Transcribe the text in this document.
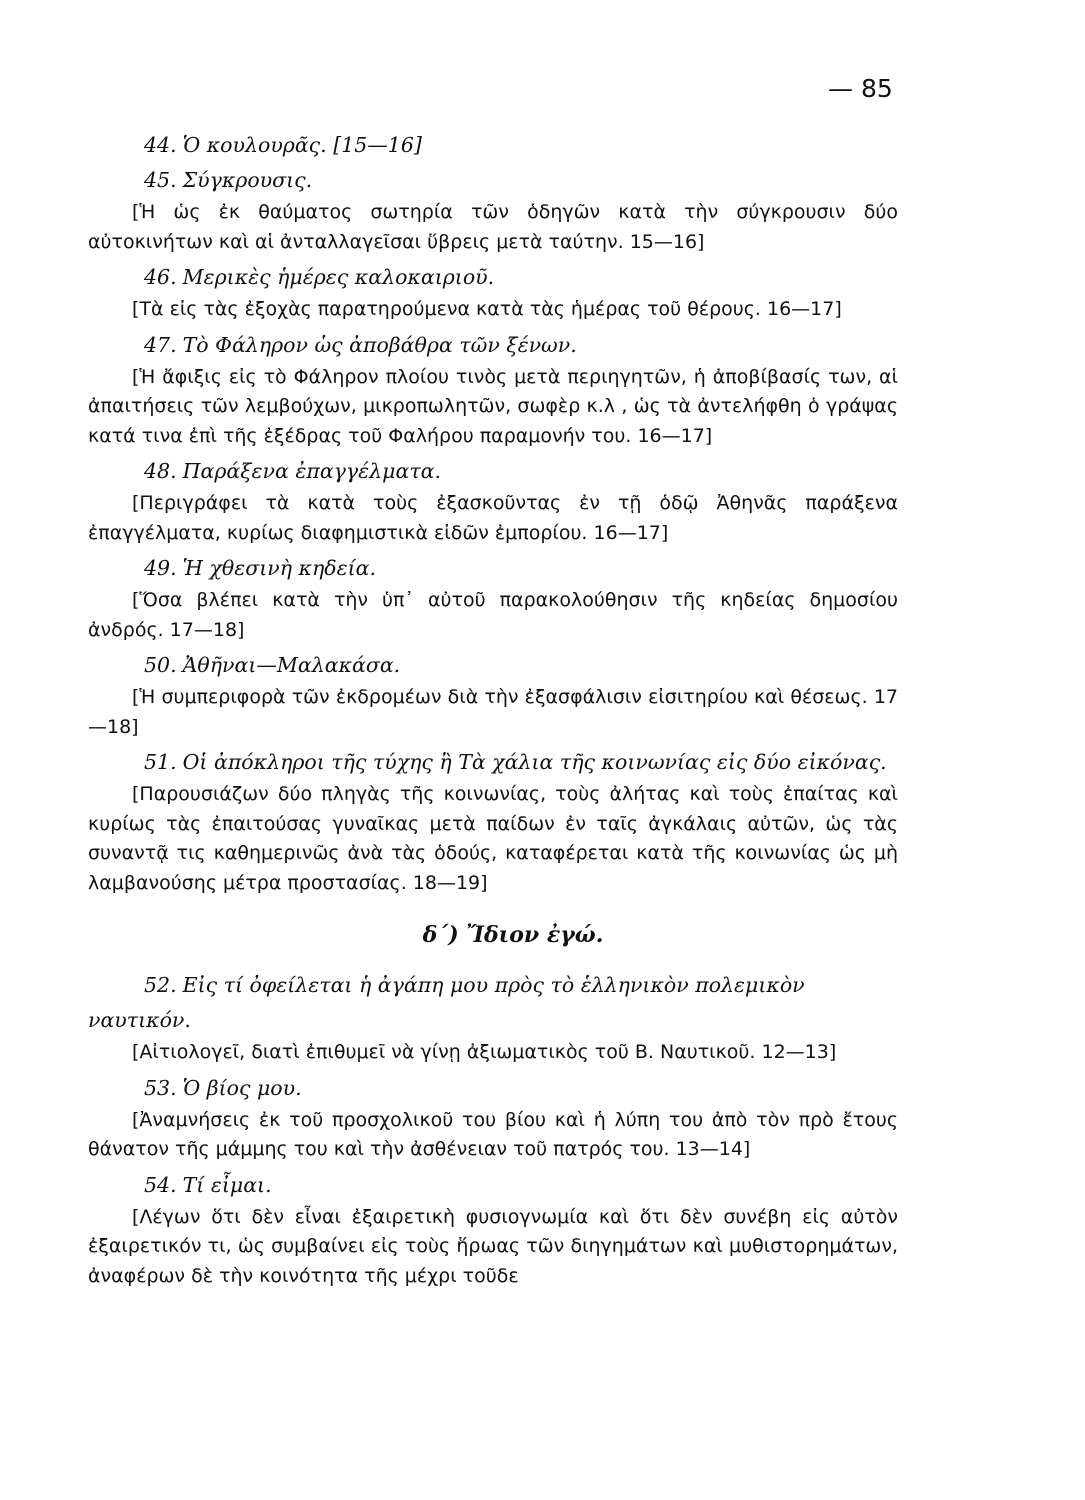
— 85
44. Ὁ κουλουρᾶς. [15—16]
45. Σύγκρουσις.
[Ἡ ὡς ἐκ θαύματος σωτηρία τῶν ὁδηγῶν κατὰ τὴν σύγκρουσιν δύο αὐτοκινήτων καὶ αἱ ἀνταλλαγεῖσαι ὕβρεις μετὰ ταύτην. 15—16]
46. Μερικὲς ἡμέρες καλοκαιριοῦ.
[Τὰ εἰς τὰς ἐξοχὰς παρατηρούμενα κατὰ τὰς ἡμέρας τοῦ θέρους. 16—17]
47. Τὸ Φάληρον ὡς ἀποβάθρα τῶν ξένων.
[Ἡ ἄφιξις εἰς τὸ Φάληρον πλοίου τινὸς μετὰ περιηγητῶν, ἡ ἀποβίβασίς των, αἱ ἀπαιτήσεις τῶν λεμβούχων, μικροπωλητῶν, σωφὲρ κ.λ , ὡς τὰ ἀντελήφθη ὁ γράψας κατά τινα ἐπὶ τῆς ἐξέδρας τοῦ Φαλήρου παραμονήν του. 16—17]
48. Παράξενα ἐπαγγέλματα.
[Περιγράφει τὰ κατὰ τοὺς ἐξασκοῦντας ἐν τῇ ὁδῷ Ἀθηνᾶς παράξενα ἐπαγγέλματα, κυρίως διαφημιστικὰ εἰδῶν ἐμπορίου. 16—17]
49. Ἡ χθεσινὴ κηδεία.
[Ὅσα βλέπει κατὰ τὴν ὑπ᾽ αὐτοῦ παρακολούθησιν τῆς κηδείας δημοσίου ἀνδρός. 17—18]
50. Ἀθῆναι—Μαλακάσα.
[Ἡ συμπεριφορὰ τῶν ἐκδρομέων διὰ τὴν ἐξασφάλισιν εἰσιτηρίου καὶ θέσεως. 17—18]
51. Οἱ ἀπόκληροι τῆς τύχης ἢ Τὰ χάλια τῆς κοινωνίας εἰς δύο εἰκόνας.
[Παρουσιάζων δύο πληγὰς τῆς κοινωνίας, τοὺς ἀλήτας καὶ τοὺς ἐπαίτας καὶ κυρίως τὰς ἐπαιτούσας γυναῖκας μετὰ παίδων ἐν ταῖς ἀγκάλαις αὐτῶν, ὡς τὰς συναντᾷ τις καθημερινῶς ἀνὰ τὰς ὁδούς, καταφέρεται κατὰ τῆς κοινωνίας ὡς μὴ λαμβανούσης μέτρα προστασίας. 18—19]
δ΄) Ἴδιον ἐγώ.
52. Εἰς τί ὀφείλεται ἡ ἀγάπη μου πρὸς τὸ ἑλληνικὸν πολεμικὸν ναυτικόν.
[Αἰτιολογεῖ, διατὶ ἐπιθυμεῖ νὰ γίνῃ ἀξιωματικὸς τοῦ Β. Ναυτικοῦ. 12—13]
53. Ὁ βίος μου.
[Ἀναμνήσεις ἐκ τοῦ προσχολικοῦ του βίου καὶ ἡ λύπη του ἀπὸ τὸν πρὸ ἔτους θάνατον τῆς μάμμης του καὶ τὴν ἀσθένειαν τοῦ πατρός του. 13—14]
54. Τί εἶμαι.
[Λέγων ὅτι δὲν εἶναι ἐξαιρετικὴ φυσιογνωμία καὶ ὅτι δὲν συνέβη εἰς αὐτὸν ἐξαιρετικόν τι, ὡς συμβαίνει εἰς τοὺς ἥρωας τῶν διηγημάτων καὶ μυθιστορημάτων, ἀναφέρων δὲ τὴν κοινότητα τῆς μέχρι τοῦδε
